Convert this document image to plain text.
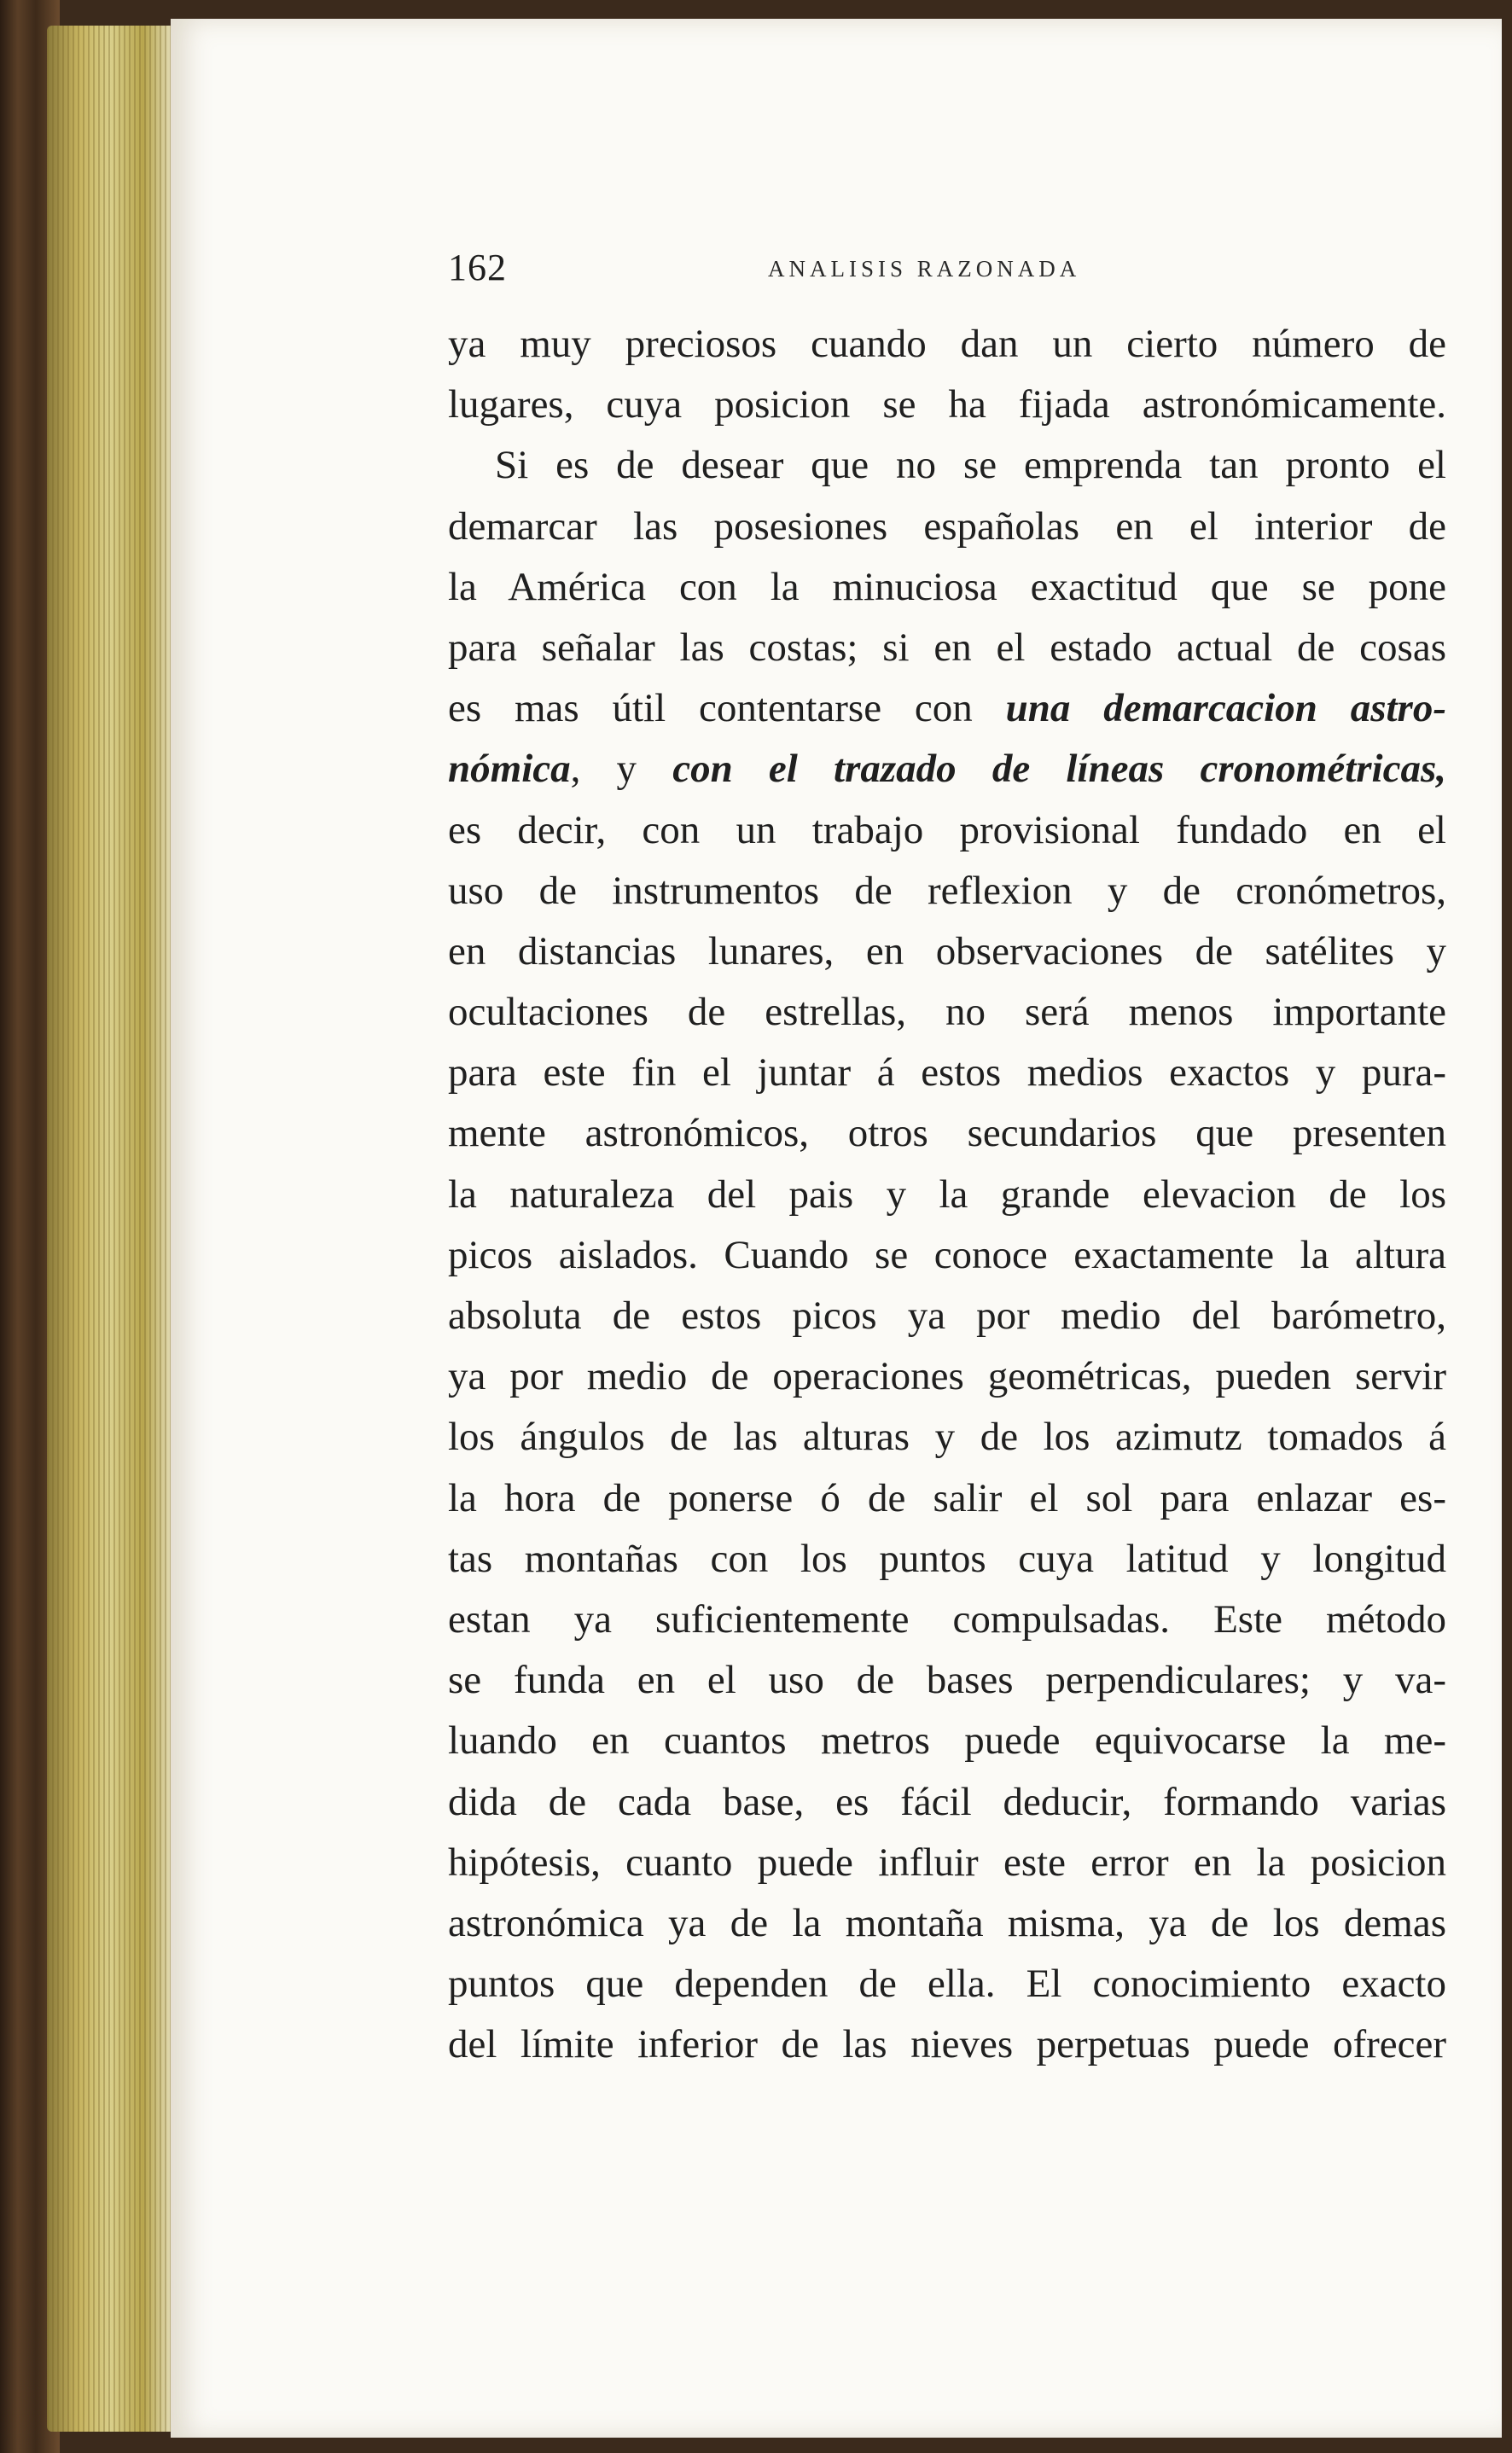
162	ANALISIS RAZONADA
ya muy preciosos cuando dan un cierto número de
lugares, cuya posicion se ha fijada astronómicamente.
Si es de desear que no se emprenda tan pronto el
demarcar las posesiones españolas en el interior de
la América con la minuciosa exactitud que se pone
para señalar las costas; si en el estado actual de cosas
es mas útil contentarse con una demarcacion astro-
nómica, y con el trazado de líneas cronométricas,
es decir, con un trabajo provisional fundado en el
uso de instrumentos de reflexion y de cronómetros,
en distancias lunares, en observaciones de satélites y
ocultaciones de estrellas, no será menos importante
para este fin el juntar á estos medios exactos y pura-
mente astronómicos, otros secundarios que presenten
la naturaleza del pais y la grande elevacion de los
picos aislados. Cuando se conoce exactamente la altura
absoluta de estos picos ya por medio del barómetro,
ya por medio de operaciones geométricas, pueden servir
los ángulos de las alturas y de los azimutz tomados á
la hora de ponerse ó de salir el sol para enlazar es-
tas montañas con los puntos cuya latitud y longitud
estan ya suficientemente compulsadas. Este método
se funda en el uso de bases perpendiculares; y va-
luando en cuantos metros puede equivocarse la me-
dida de cada base, es fácil deducir, formando varias
hipótesis, cuanto puede influir este error en la posicion
astronómica ya de la montaña misma, ya de los demas
puntos que dependen de ella. El conocimiento exacto
del límite inferior de las nieves perpetuas puede ofrecer
